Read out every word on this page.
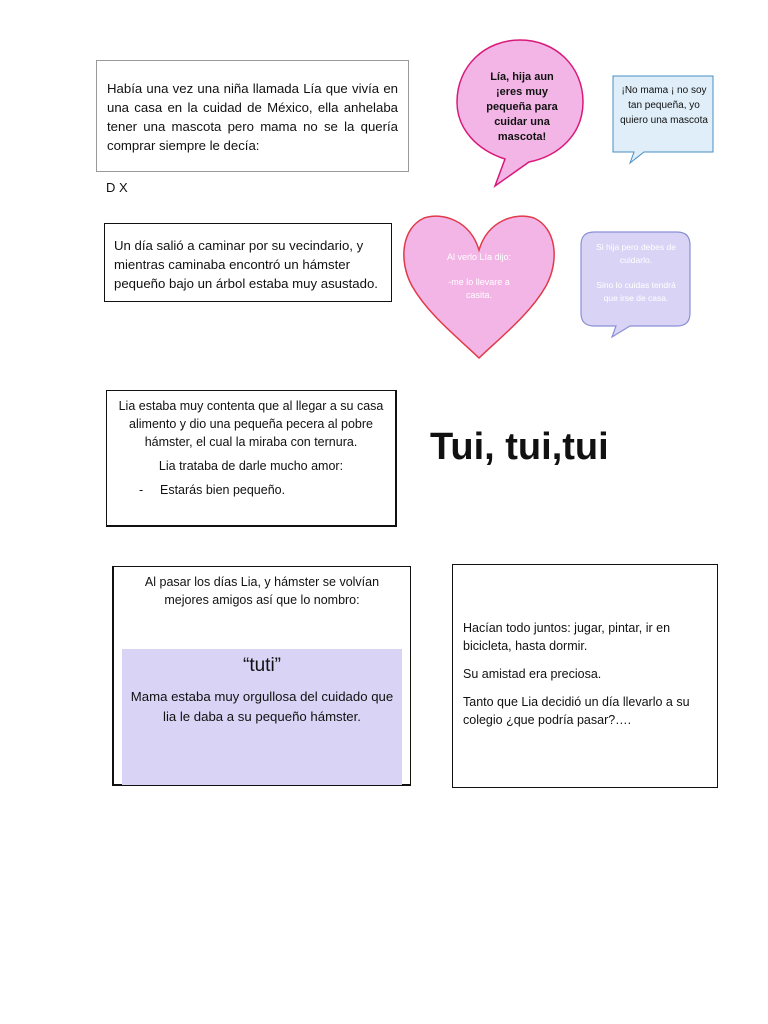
Había una vez una niña llamada Lía que vivía en una casa en la cuidad de México, ella anhelaba tener una mascota pero mama no se la quería comprar siempre le decía:

D X
Lía, hija aun ¡eres muy pequeña para cuidar una mascota!
¡No mama ¡ no soy tan pequeña, yo quiero una mascota

Un día salió a caminar por su vecindario, y mientras caminaba encontró un hámster pequeño bajo un árbol estaba muy asustado.

Al verlo Lía dijo:
-me lo llevare a casita.
Si hija pero debes de cuidarlo.
Sino lo cuidas tendrá que irse de casa.

Lia estaba muy contenta que al llegar a su casa alimento y dio una pequeña pecera al pobre hámster, el cual la miraba con ternura.

Lia trataba de darle mucho amor:

- Estarás bien pequeño.
Tui, tui,tui

Al pasar los días Lia, y hámster se volvían mejores amigos así que lo nombro:

“tuti”

Mama estaba muy orgullosa del cuidado que lia le daba a su pequeño hámster.

Hacían todo juntos: jugar, pintar, ir en bicicleta, hasta dormir.

Su amistad era preciosa.

Tanto que Lia decidió un día llevarlo a su colegio ¿que podría pasar?….
